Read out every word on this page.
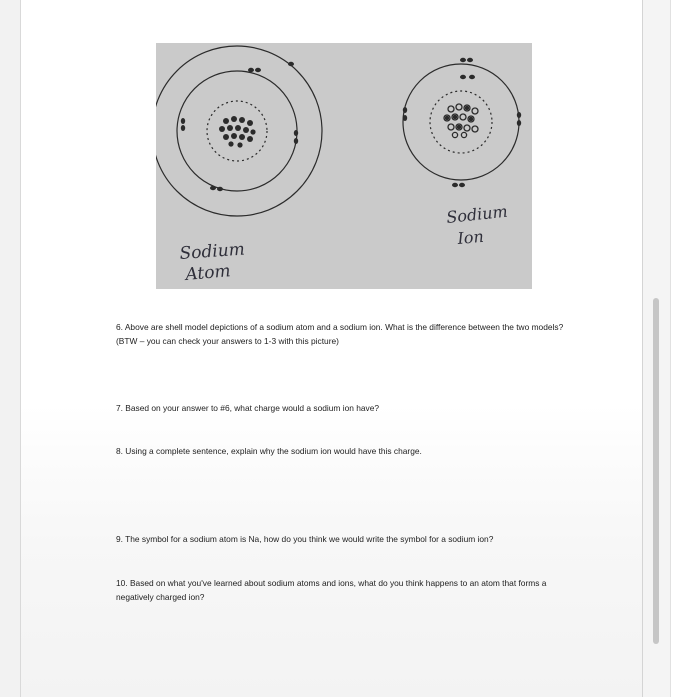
Sodium
Atom
Sodium
Ion
6. Above are shell model depictions of a sodium atom and a sodium ion. What is the difference between the two models? (BTW – you can check your answers to 1-3 with this picture)
7. Based on your answer to #6, what charge would a sodium ion have?
8. Using a complete sentence, explain why the sodium ion would have this charge.
9. The symbol for a sodium atom is Na, how do you think we would write the symbol for a sodium ion?
10. Based on what you've learned about sodium atoms and ions, what do you think happens to an atom that forms a negatively charged ion?
